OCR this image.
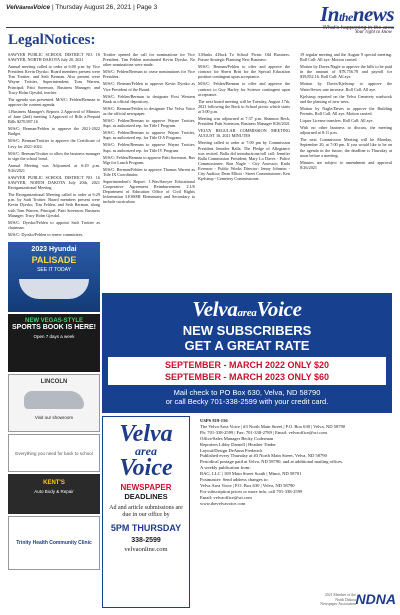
VelvaareaVoice | Thursday August 26, 2021 | Page 3	Inthenews
What's happening in the area
Your right to know
LegalNotices:

SAWYER PUBLIC SCHOOL DISTRICT NO. 16 SAWYER, NORTH DAKOTA July 20, 2021

Annual meeting called to order at 6:00 p.m. by Vice President Kevin Dyrsko. Board members present were Tim Trottier, and Seth Berman. Also present were Wayne Trottier, Superintendent; Tom Warren, Principal; Patti Sorenson, Business Manager; and Tracy Holm Gjesdal, teacher.

The agenda was presented. M/S/C: Fehlen/Berman to approve the consent agenda.

1.Business Manager's Reports 2.Approval of Minutes of June (2nd) meeting 3.Approval of Bills a.Prepaid Bills $270,987.16

M/S/C: Berman/Fehlen to approve the 2021-2022 Budget.

M/S/C: Berman/Trottier to approve the Certificate of Levy for 2021-2022.

M/S/C: Berman/Trottier to allow the business manager to sign the school bond.

Annual Meeting was Adjourned at 6:29 p.m. 9/26/2021

SAWYER PUBLIC SCHOOL DISTRICT NO. 16 SAWYER, NORTH DAKOTA July 20th, 2021 Reorganizational Meeting

The Reorganizational Meeting called to order at 6:29 p.m. by Sadi Trottier. Board members present were Kevin Dyrsko, Tim Fehlen, and Seth Berman, along with Tom Warren, Principal; Patti Sorenson, Business Manager; Tracy Holm Gjesdal.

M/S/C: Dyrsko/Fehlen to appoint Sadi Trottier as chairman.

M/S/C: Dyrsko/Fehlen to renew committees.

Trottier opened the call for nominations for Vice President. Tim Fehlen nominated Kevin Dyrsko. No other nominations were made.

M/S/C: Fehlen/Berman to cease nominations for Vice President.

M/S/C: Berman/Fehlen to approve Kevin Dyrsko as Vice President of the Board.

M/S/C: Fehlen/Berman to designate First Western Bank as official depository.

M/S/C: Berman/Fehlen to designate The Velva Voice as the official newspaper.

M/S/C: Fehlen/Berman to approve Wayne Trottier, Supt. as authorized rep. for Title I Program.

M/S/C: Fehlen/Berman to approve Wayne Trottier, Supt. as authorized rep. for Title II-A Program.

M/S/C: Fehlen/Berman to approve Wayne Trottier, Supt. as authorized rep. for Title IV Program.

M/S/C: Fehlen/Berman to approve Patti Sorenson, Bus Mgr for Lunch Program.

M/S/C: Berman/Fehlen to approve Thomas Warren as Title IX Coordinator.

Superintendent's Report: 1.Was/Sawyer Educational Cooperative Agreement Reimbursement 2.US Department of Education Office of Civil Rights Information 3.ESSER Elementary and Secondary to include curriculum

3.Masks 4.Back To School Picnic Old Business: Future Strategic Planning New Business:

M/S/C: Berman/Fehlen to offer and approve the contract for Sherri Britt for the Special Education position contingent upon acceptance.

M/S/C: Fehlen/Berman to offer and approve the contract to Guy Harley for Science contingent upon acceptance.

The next board meeting will be Tuesday, August 17th, 2021 following the Back to School picnic which starts at 5:00 p.m.

Meeting was adjourned at 7:37 p.m. Shannon Beck, President Patti Sorenson, Business Manager 8/26/2021

VELVA REGULAR COMMISSION MEETING AUGUST 16, 2021 MINUTES

Meeting called to order at 7:00 pm by Commission President Jennifer Balla. The Pledge of Allegiance was recited. Balla did introductions/roll call: Jennifer Balla Commission President; Mary Lo Daves - Police Commissioner; Ron Nagle - City Assessor; Karla Evenson - Public Works Director; Jenny Johnson - City Auditor; Dean Elliott - Street Commissioner; Ken Kjelstrup - Cemetery Commissioner.

19 regular meeting and the August 9 special meeting. Roll Call: All aye. Motion carried.

Motion by Daves/Nagle to approve the bills to be paid in the amount of $78,756.78 and payroll for $39,852.16. Roll Call: All aye.

Motion by Daves/Kjelstrup to approve the Water/Sewer rate increase. Roll Call: All aye.

Kjelstrup reported on the Velva Cemetery roadwork and the planting of new trees.

Motion by Nagle/Daves to approve the Building Permits. Roll Call: All aye. Motion carried.

Liquor License transfers. Roll Call: All aye.

With no other business to discuss, the meeting adjourned at 8:11 p.m.

The next Commission Meeting will be Monday, September 20, at 7:00 pm. If you would like to be on the agenda in the future, the deadline is Thursday at noon before a meeting.

Minutes are subject to amendment and approval 8/26/2021

2023 Hyundai
PALISADE
SEE IT TODAY
NEW VEGAS-STYLE
SPORTS BOOK IS HERE!
Open 7 days a week
LINCOLN
Visit our showroom
Everything you need for back to school
KENT'S
Auto Body & Repair
Trinity Health Community Clinic
VelvaareaVoice
NEW SUBSCRIBERS
GET A GREAT RATE
SEPTEMBER - MARCH 2022 ONLY $20
SEPTEMBER - MARCH 2023 ONLY $60
Mail check to PO Box 630, Velva, ND 58790
or call Becky 701-338-2599 with your credit card.
Velva
area
Voice
NEWSPAPER
DEADLINES
Ad and article submissions are due in our office by
5PM THURSDAY
338-2599
velvaonline.com
USPS 819-156
The Velva Area Voice | #3 North Main Street | P.O. Box 630 | Velva, ND 58790
Ph: 701-338-2599 | Fax: 701-338-2789 | Email: velvaoffice@srt.com
Office/Sales Manager Becky Coderman
Reporters Libby Darnell | Heather Tinder
Layout/Design DeAnna Frederick
Published every Thursday at #3 North Main Street, Velva, ND 58790
Periodical postage paid at Velva, ND 58790, and at additional mailing offices.
A weekly publication from:
BAG, LLC | 109 Main Street South | Minot, ND 58701
Postmaster: Send address changes to:
Velva Area Voice | P.O. Box 630 | Velva, ND 58790
For subscription prices or more info, call 701-338-2599
Email: velvaoffice@srt.com
www.thevelvavoice.com
2021 Member of the North Dakota Newspaper Association NDNA
